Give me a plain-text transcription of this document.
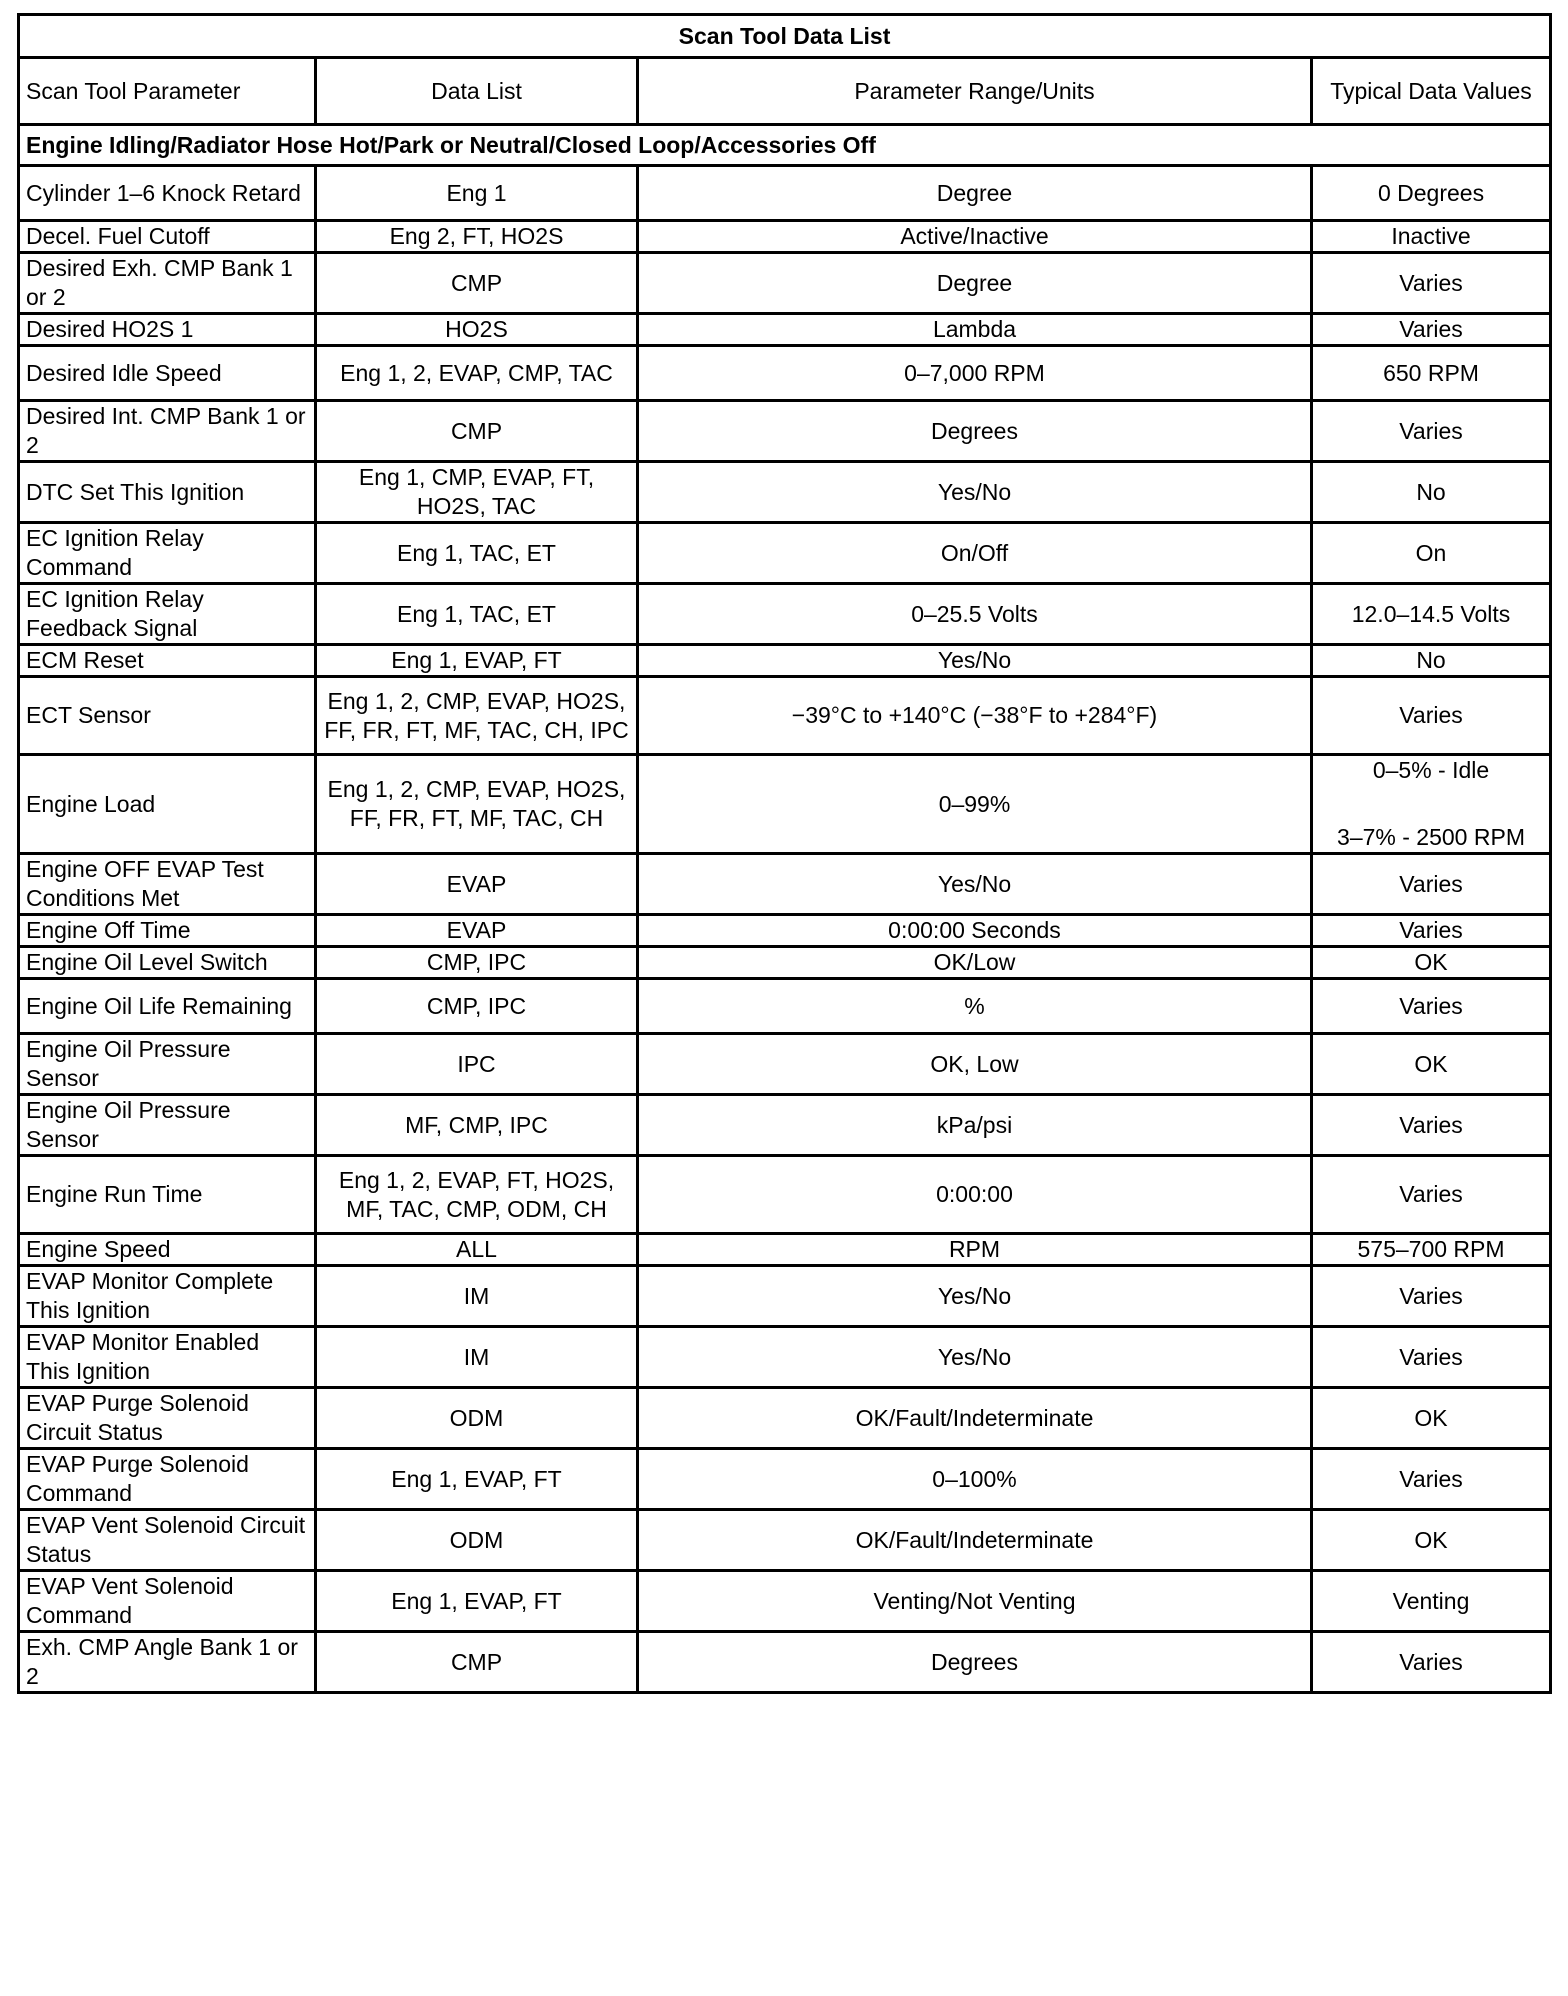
Scan Tool Data List			
Scan Tool Parameter	Data List	Parameter Range/Units	Typical Data Values
Engine Idling/Radiator Hose Hot/Park or Neutral/Closed Loop/Accessories Off			
Cylinder 1–6 Knock Retard	Eng 1	Degree	0 Degrees

Decel. Fuel Cutoff	Eng 2, FT, HO2S	Active/Inactive	Inactive

Desired Exh. CMP Bank 1 or 2	CMP	Degree	Varies

Desired HO2S 1	HO2S	Lambda	Varies

Desired Idle Speed	Eng 1, 2, EVAP, CMP, TAC	0–7,000 RPM	650 RPM

Desired Int. CMP Bank 1 or 2	CMP	Degrees	Varies

DTC Set This Ignition	Eng 1, CMP, EVAP, FT, HO2S, TAC	Yes/No	No

EC Ignition Relay Command	Eng 1, TAC, ET	On/Off	On

EC Ignition Relay Feedback Signal	Eng 1, TAC, ET	0–25.5 Volts	12.0–14.5 Volts

ECM Reset	Eng 1, EVAP, FT	Yes/No	No

ECT Sensor	Eng 1, 2, CMP, EVAP, HO2S, FF, FR, FT, MF, TAC, CH, IPC	−39°C to +140°C (−38°F to +284°F)	Varies

Engine Load	Eng 1, 2, CMP, EVAP, HO2S, FF, FR, FT, MF, TAC, CH	0–99%	0–5% - Idle
3–7% - 2500 RPM

Engine OFF EVAP Test Conditions Met	EVAP	Yes/No	Varies

Engine Off Time	EVAP	0:00:00 Seconds	Varies

Engine Oil Level Switch	CMP, IPC	OK/Low	OK

Engine Oil Life Remaining	CMP, IPC	%	Varies

Engine Oil Pressure Sensor	IPC	OK, Low	OK

Engine Oil Pressure Sensor	MF, CMP, IPC	kPa/psi	Varies

Engine Run Time	Eng 1, 2, EVAP, FT, HO2S, MF, TAC, CMP, ODM, CH	0:00:00	Varies

Engine Speed	ALL	RPM	575–700 RPM

EVAP Monitor Complete This Ignition	IM	Yes/No	Varies

EVAP Monitor Enabled This Ignition	IM	Yes/No	Varies

EVAP Purge Solenoid Circuit Status	ODM	OK/Fault/Indeterminate	OK

EVAP Purge Solenoid Command	Eng 1, EVAP, FT	0–100%	Varies

EVAP Vent Solenoid Circuit Status	ODM	OK/Fault/Indeterminate	OK

EVAP Vent Solenoid Command	Eng 1, EVAP, FT	Venting/Not Venting	Venting

Exh. CMP Angle Bank 1 or 2	CMP	Degrees	Varies
